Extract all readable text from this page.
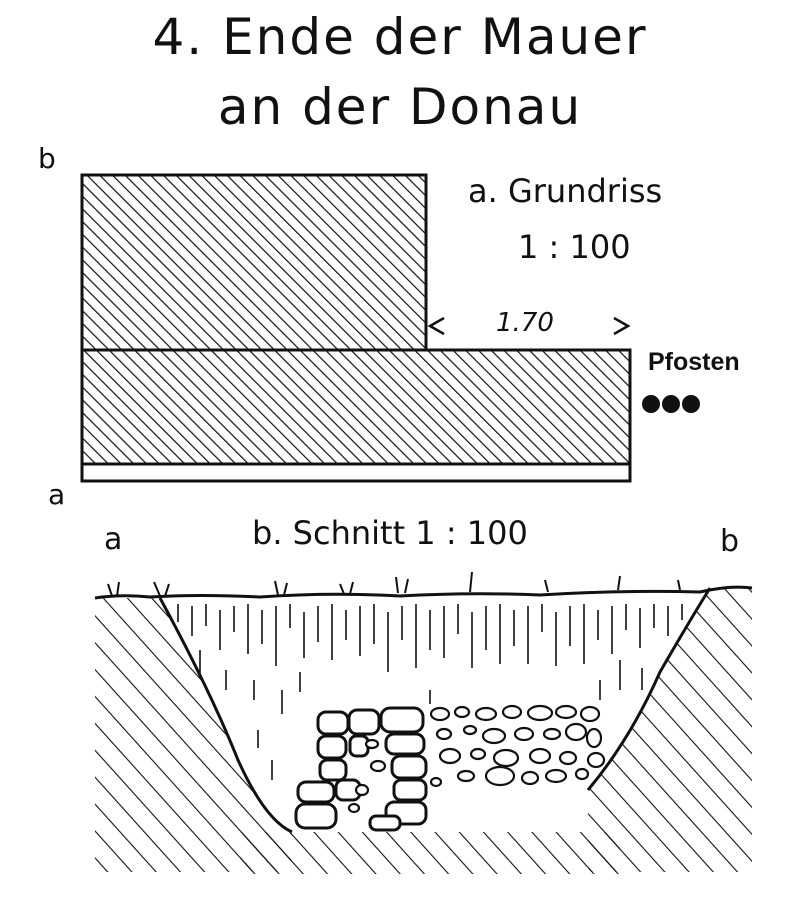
4. Ende der Mauer
an der Donau
b
a
a. Grundriss
1 : 100
1.70
Pfosten
a	b. Schnitt 1 : 100	b
